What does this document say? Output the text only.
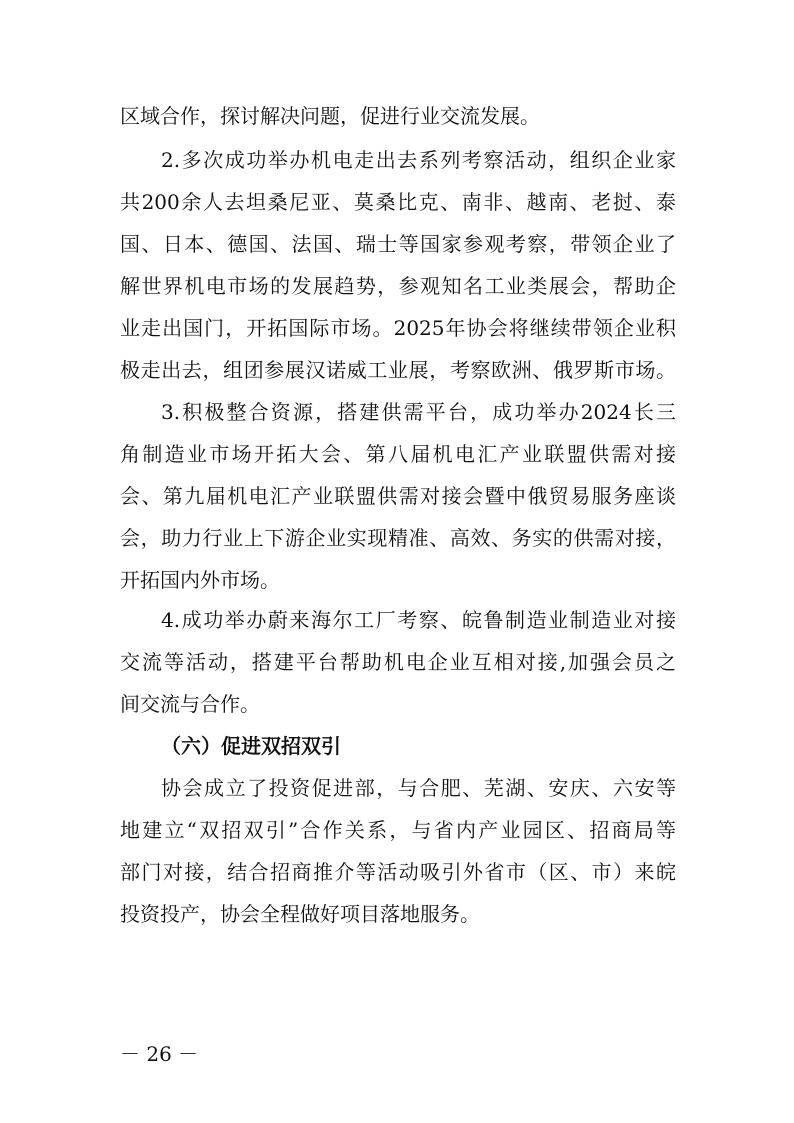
区域合作，探讨解决问题，促进行业交流发展。
2.多次成功举办机电走出去系列考察活动，组织企业家
共200余人去坦桑尼亚、莫桑比克、南非、越南、老挝、泰
国、日本、德国、法国、瑞士等国家参观考察，带领企业了
解世界机电市场的发展趋势，参观知名工业类展会，帮助企
业走出国门，开拓国际市场。2025年协会将继续带领企业积
极走出去，组团参展汉诺威工业展，考察欧洲、俄罗斯市场。
3.积极整合资源，搭建供需平台，成功举办2024长三
角制造业市场开拓大会、第八届机电汇产业联盟供需对接
会、第九届机电汇产业联盟供需对接会暨中俄贸易服务座谈
会，助力行业上下游企业实现精准、高效、务实的供需对接，
开拓国内外市场。
4.成功举办蔚来海尔工厂考察、皖鲁制造业制造业对接
交流等活动，搭建平台帮助机电企业互相对接,加强会员之
间交流与合作。
（六）促进双招双引
协会成立了投资促进部，与合肥、芜湖、安庆、六安等
地建立“双招双引”合作关系，与省内产业园区、招商局等
部门对接，结合招商推介等活动吸引外省市（区、市）来皖
投资投产，协会全程做好项目落地服务。
－ 26 －
